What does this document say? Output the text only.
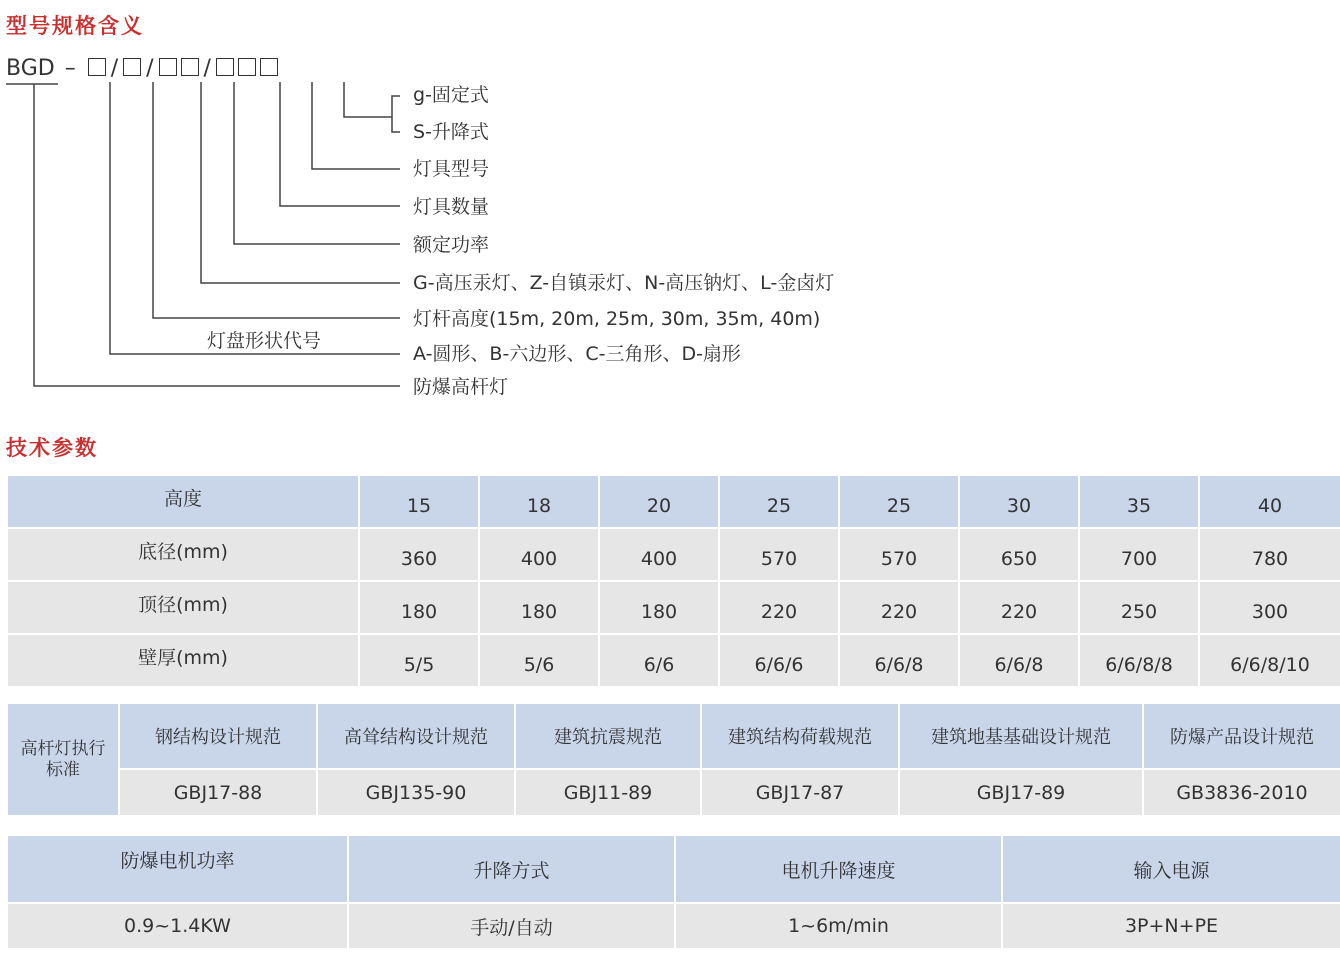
型号规格含义
BGD – / / /
g-固定式
S-升降式
灯具型号
灯具数量
额定功率
G-高压汞灯、Z-自镇汞灯、N-高压钠灯、L-金卤灯
灯杆高度(15m, 20m, 25m, 30m, 35m, 40m)
A-圆形、B-六边形、C-三角形、D-扇形
防爆高杆灯
灯盘形状代号
技术参数
高度	15	18	20	25	25	30	35	40
底径(mm)	360	400	400	570	570	650	700	780
顶径(mm)	180	180	180	220	220	220	250	300
壁厚(mm)	5/5	5/6	6/6	6/6/6	6/6/8	6/6/8	6/6/8/8	6/6/8/10
高杆灯执行标准	钢结构设计规范	高耸结构设计规范	建筑抗震规范	建筑结构荷载规范	建筑地基基础设计规范	防爆产品设计规范
	GBJ17-88	GBJ135-90	GBJ11-89	GBJ17-87	GBJ17-89	GB3836-2010
防爆电机功率	升降方式	电机升降速度	输入电源
0.9~1.4KW	手动/自动	1~6m/min	3P+N+PE
